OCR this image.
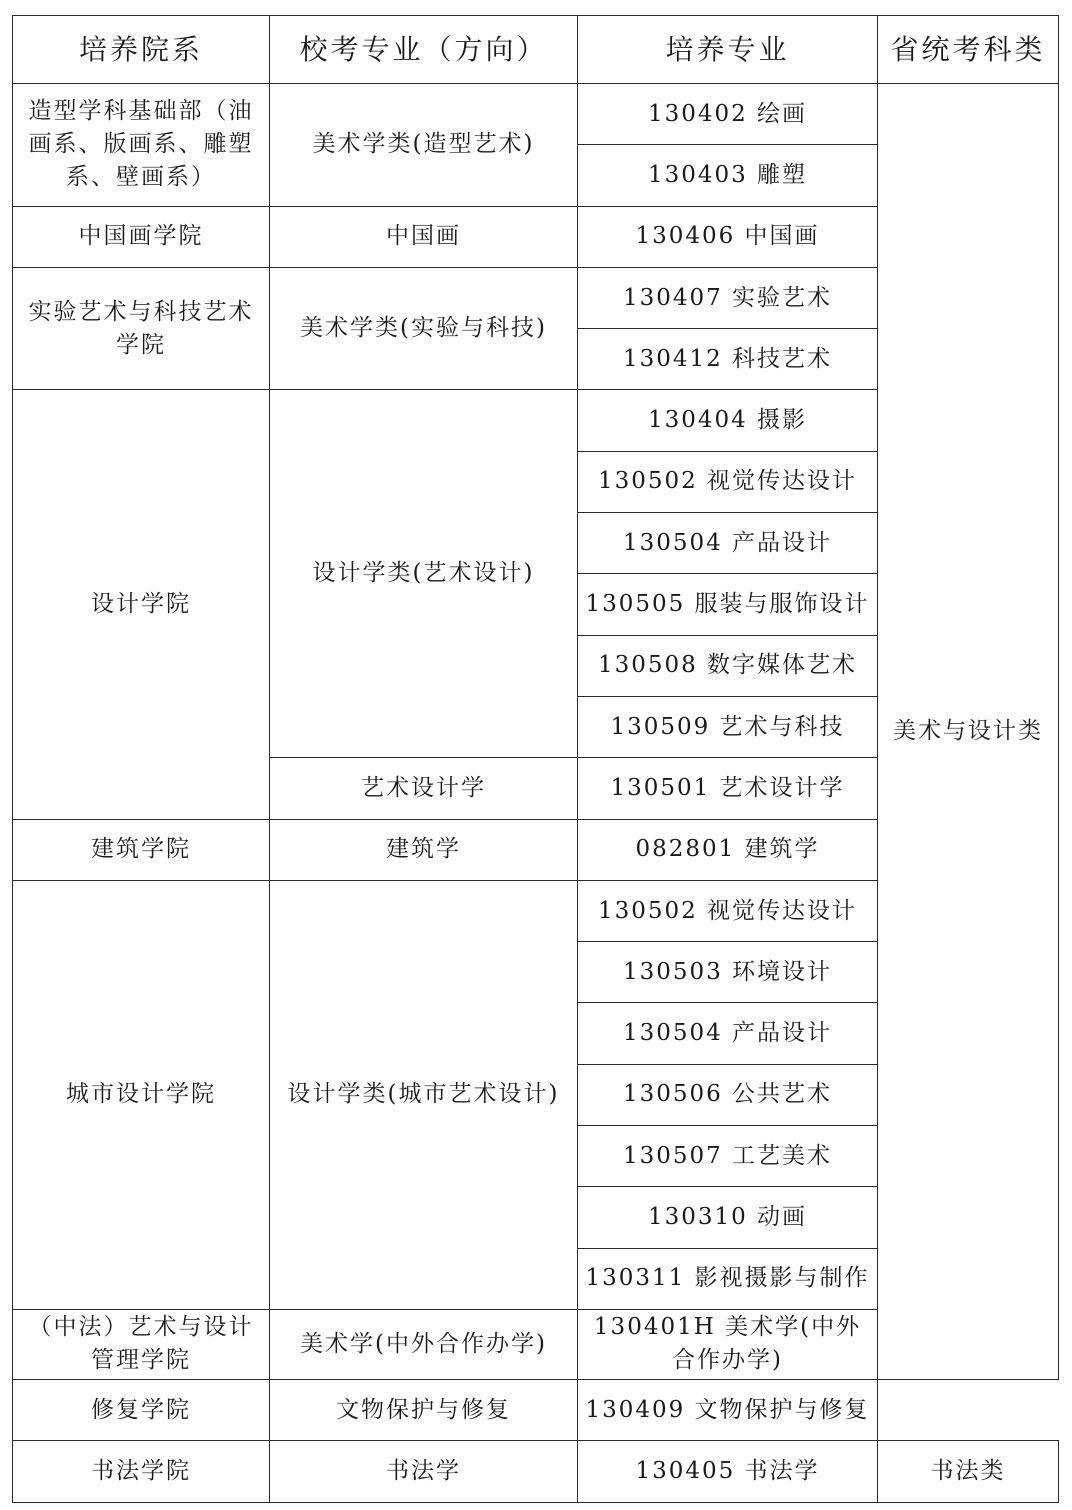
培养院系	校考专业（方向）	培养专业	省统考科类
造型学科基础部（油画系、版画系、雕塑系、壁画系）	美术学类(造型艺术)	130402 绘画	美术与设计类
		130403 雕塑	
中国画学院	中国画	130406 中国画	
实验艺术与科技艺术学院	美术学类(实验与科技)	130407 实验艺术	
		130412 科技艺术	
设计学院	设计学类(艺术设计)	130404 摄影	
		130502 视觉传达设计	
		130504 产品设计	
		130505 服装与服饰设计	
		130508 数字媒体艺术	
		130509 艺术与科技	
	艺术设计学	130501 艺术设计学	
建筑学院	建筑学	082801 建筑学	
城市设计学院	设计学类(城市艺术设计)	130502 视觉传达设计	
		130503 环境设计	
		130504 产品设计	
		130506 公共艺术	
		130507 工艺美术	
		130310 动画	
		130311 影视摄影与制作	
（中法）艺术与设计管理学院	美术学(中外合作办学)	130401H 美术学(中外合作办学)	
修复学院	文物保护与修复	130409 文物保护与修复	
书法学院	书法学	130405 书法学	书法类
